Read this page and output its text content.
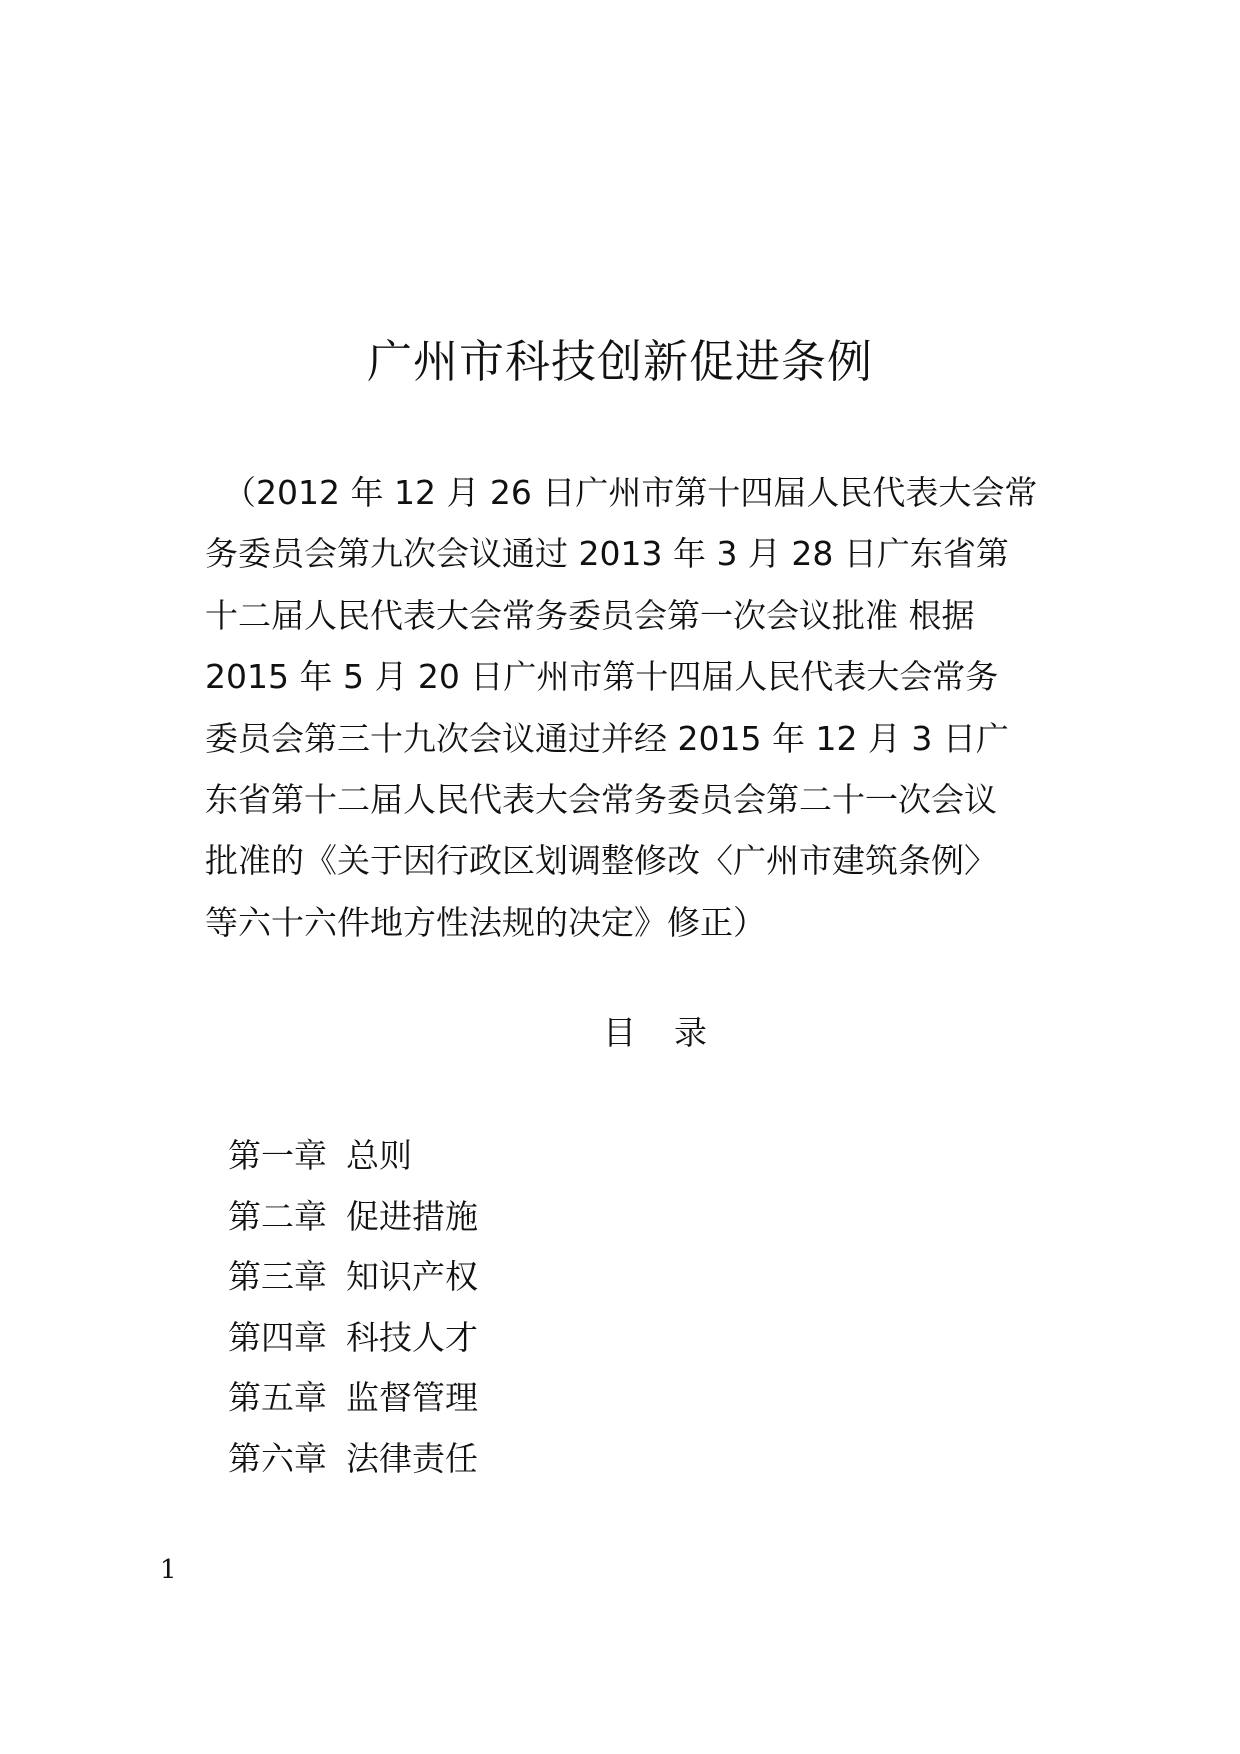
广州市科技创新促进条例
（2012 年 12 月 26 日广州市第十四届人民代表大会常
务委员会第九次会议通过 2013 年 3 月 28 日广东省第
十二届人民代表大会常务委员会第一次会议批准 根据
2015 年 5 月 20 日广州市第十四届人民代表大会常务
委员会第三十九次会议通过并经 2015 年 12 月 3 日广
东省第十二届人民代表大会常务委员会第二十一次会议
批准的《关于因行政区划调整修改〈广州市建筑条例〉
等六十六件地方性法规的决定》修正）
目录
第一章 总则
第二章 促进措施
第三章 知识产权
第四章 科技人才
第五章 监督管理
第六章 法律责任
1
